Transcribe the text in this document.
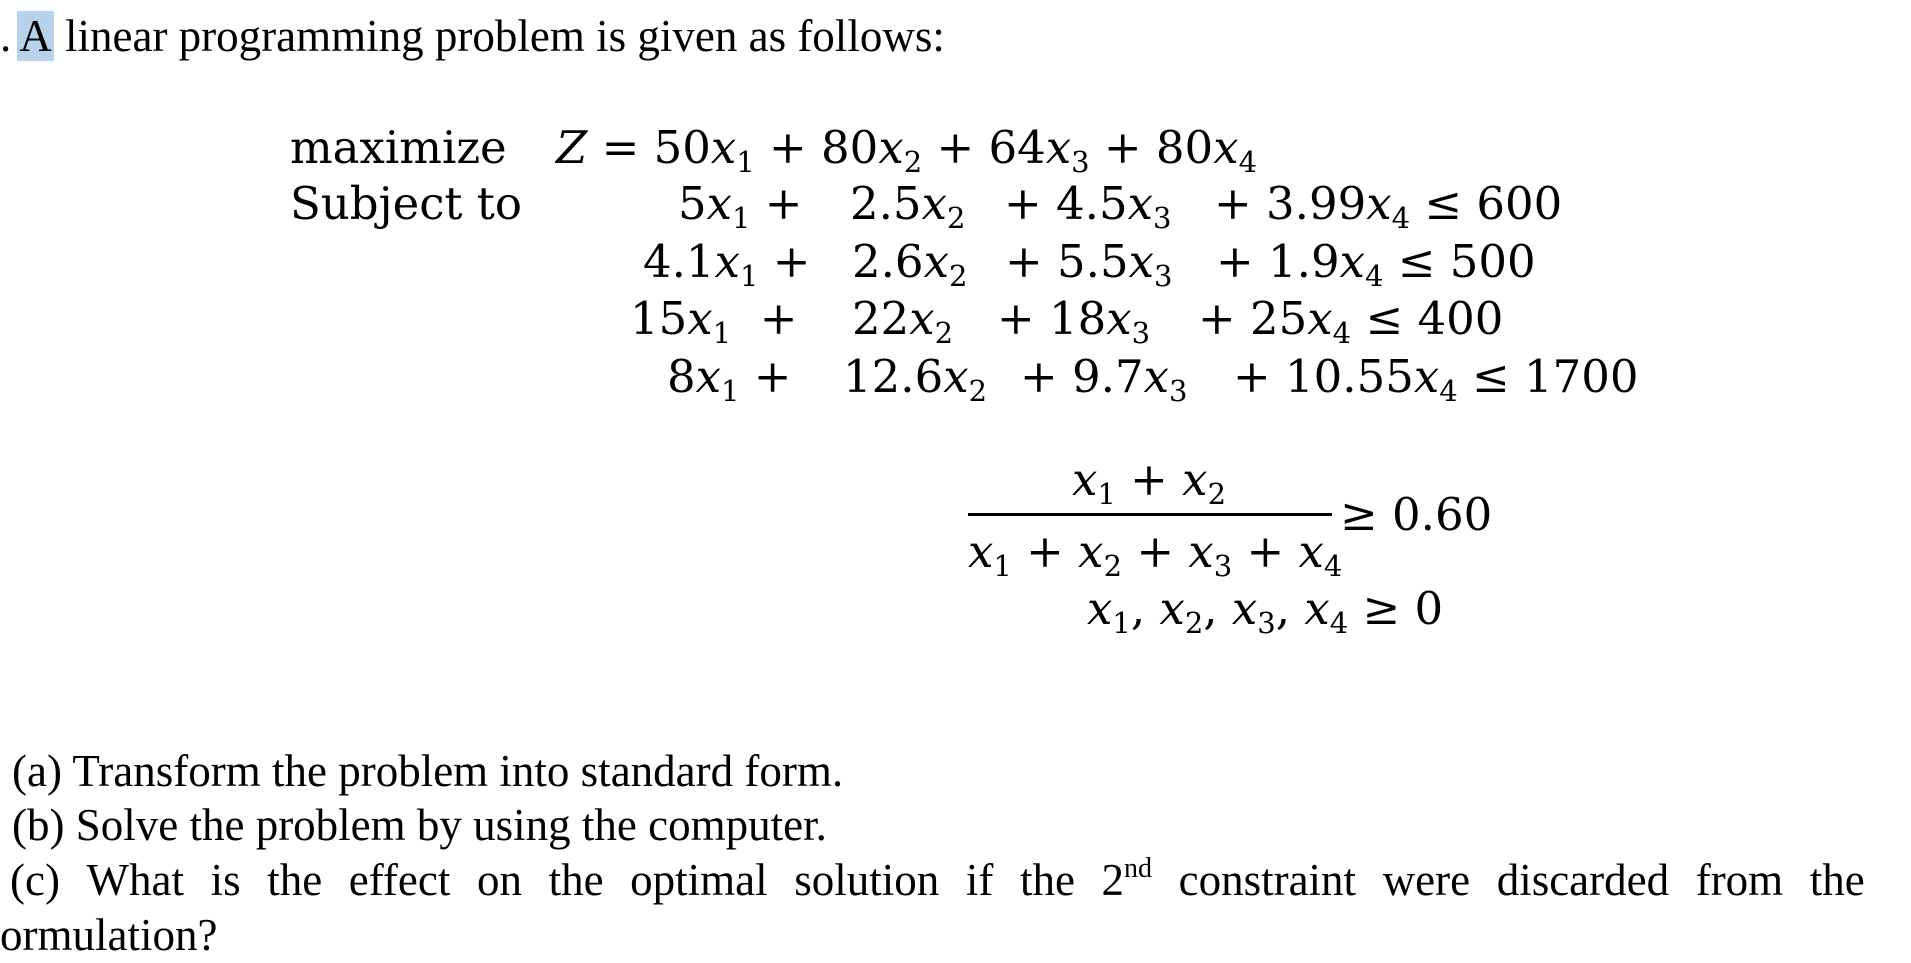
. A linear programming problem is given as follows:
maximize $Z = 50x_1 + 80x_2 + 64x_3 + 80x_4$
Subject to	$5x_1 + 2.5x_2 + 4.5x_3 + 3.99x_4 \le 600$
$4.1x_1 + 2.6x_2 + 5.5x_3 + 1.9x_4 \le 500$
$15x_1 + 22x_2 + 18x_3 + 25x_4 \le 400$
$8x_1 + 12.6x_2 + 9.7x_3 + 10.55x_4 \le 1700$
$x_1 + x_2$
$x_1 + x_2 + x_3 + x_4$
≥ 0.60
$x_1$, $x_2$, $x_3$, $x_4 \ge 0$
(a) Transform the problem into standard form.
(b) Solve the problem by using the computer.
(c) What is the effect on the optimal solution if the 2nd constraint were discarded from the
ormulation?
